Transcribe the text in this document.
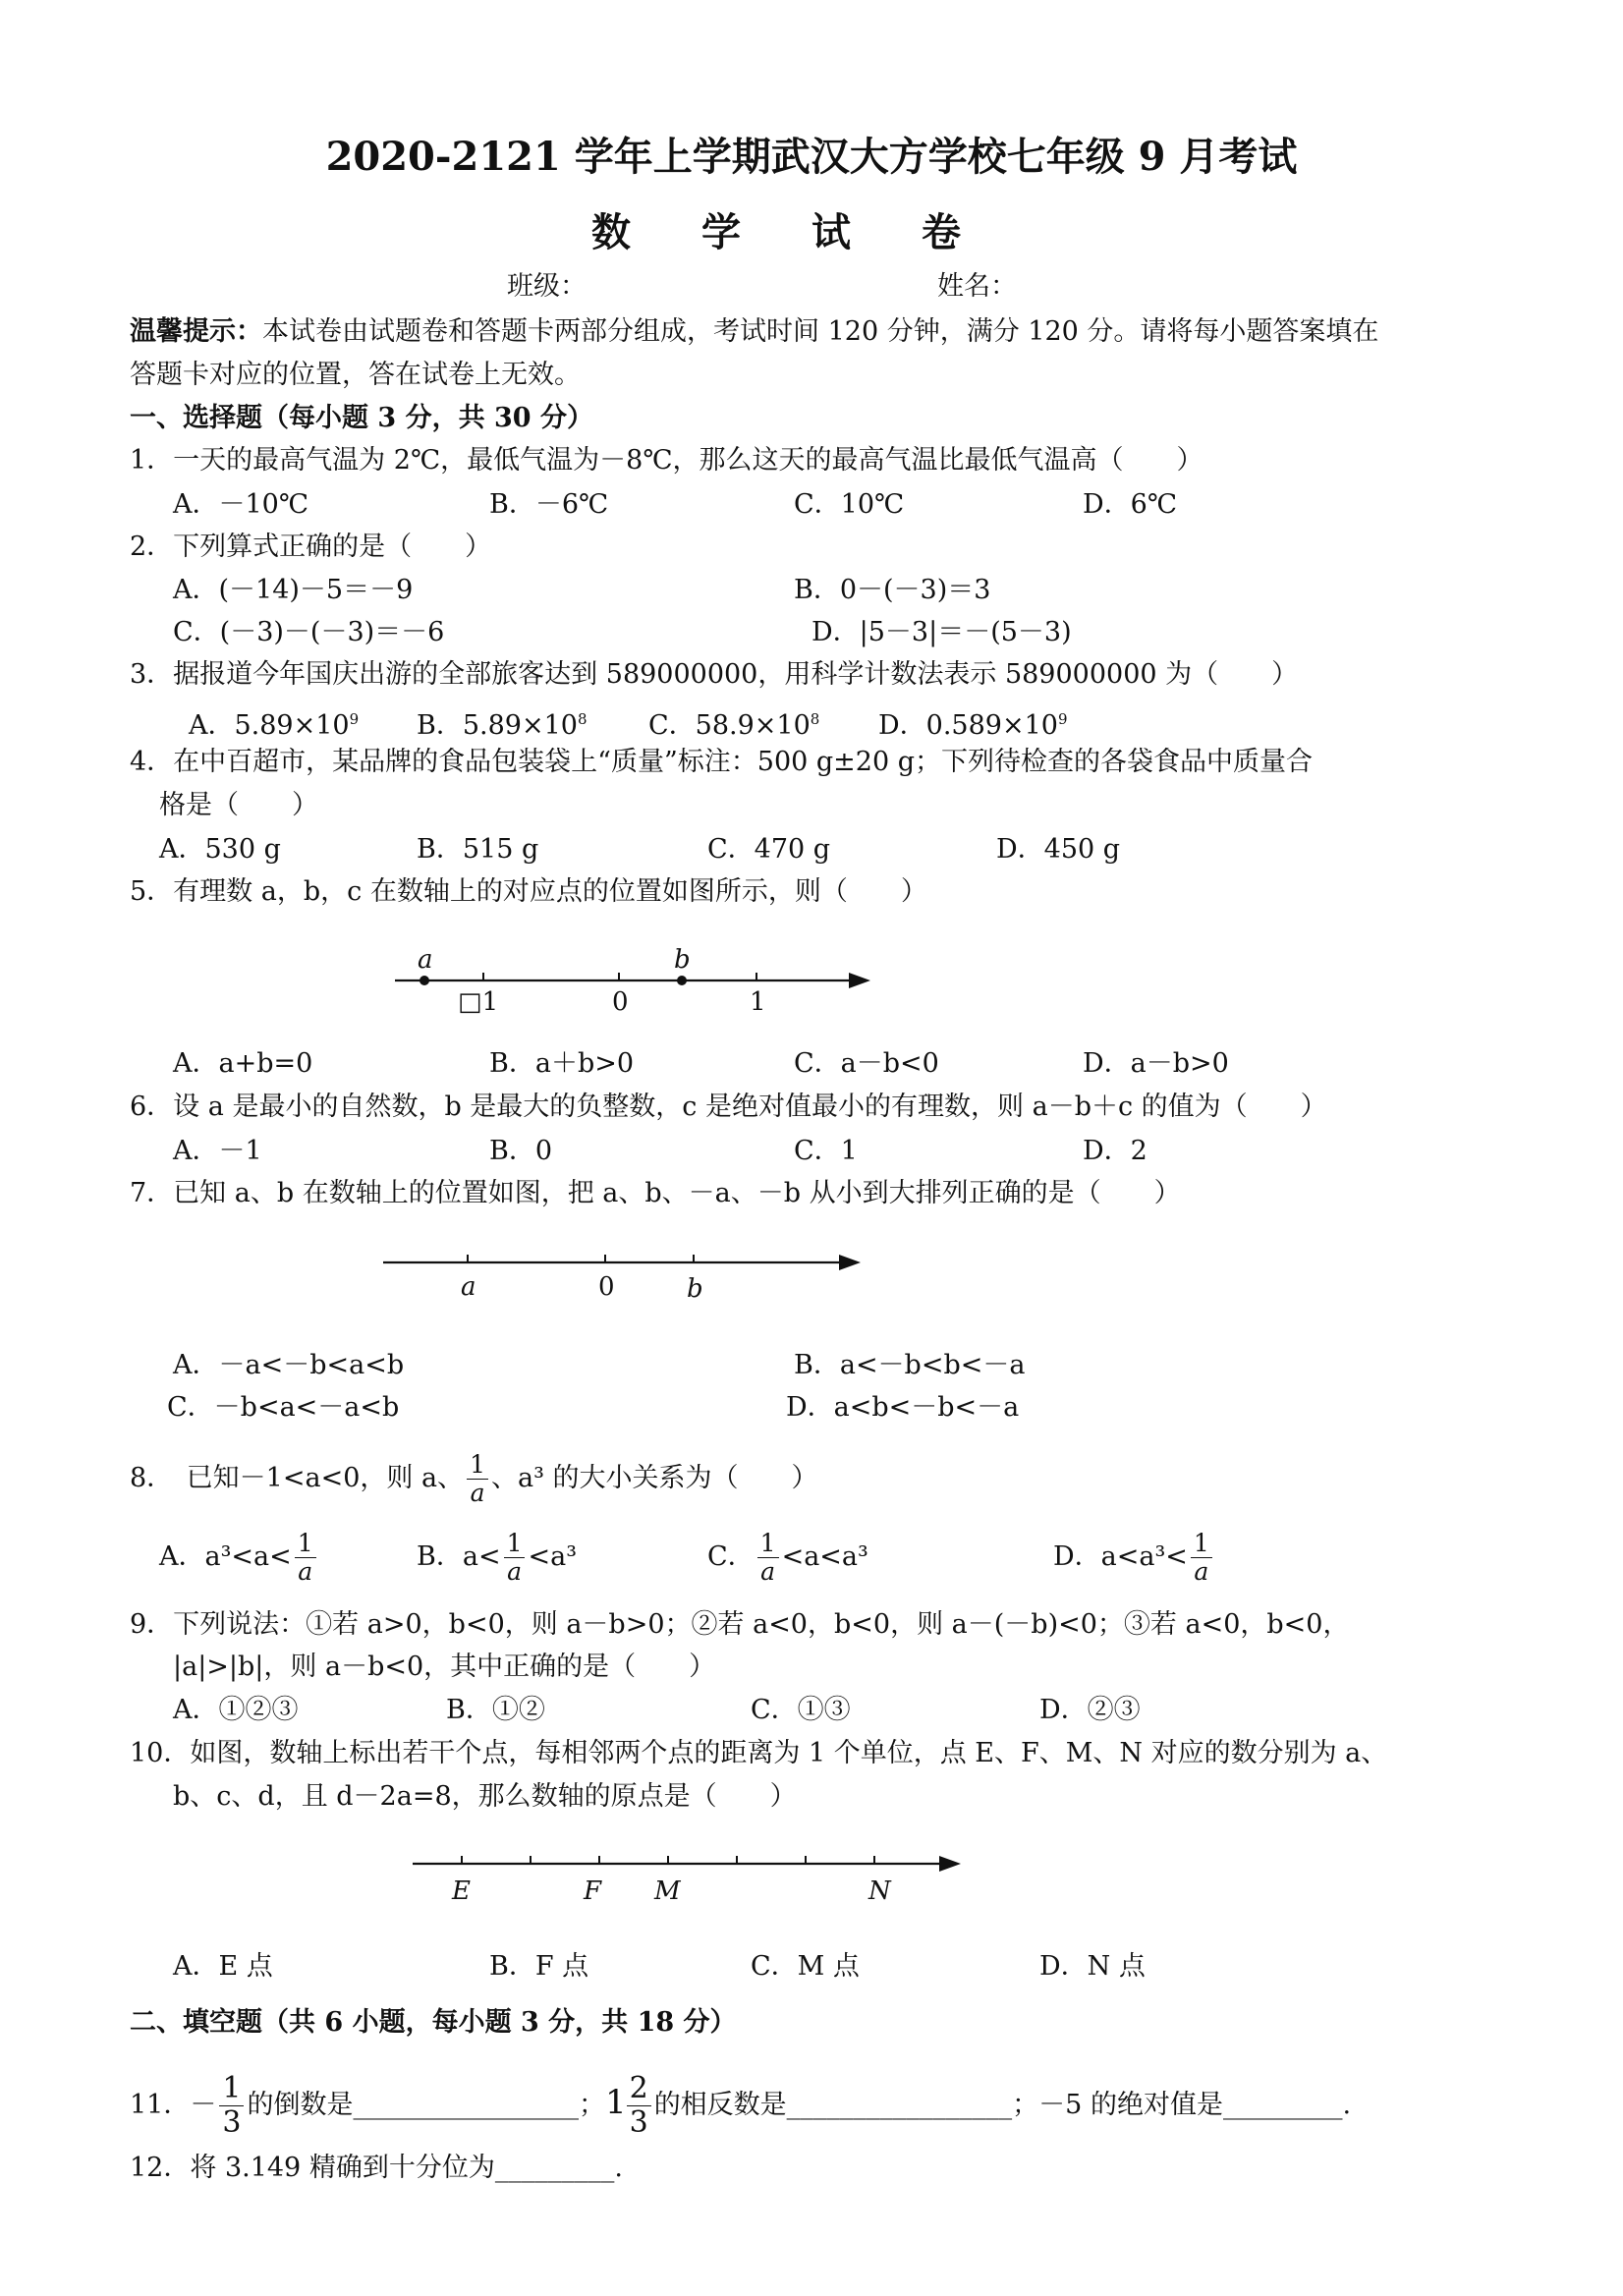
2020-2121 学年上学期武汉大方学校七年级 9 月考试
数学试卷
班级：	姓名：
温馨提示：本试卷由试题卷和答题卡两部分组成，考试时间 120 分钟，满分 120 分。请将每小题答案填在
答题卡对应的位置，答在试卷上无效。
一、选择题（每小题 3 分，共 30 分）
1．一天的最高气温为 2℃，最低气温为－8℃，那么这天的最高气温比最低气温高（　　）
A．－10℃	B．－6℃	C．10℃	D．6℃
2．下列算式正确的是（　　）
A．(－14)－5＝－9	B．0－(－3)＝3
C．(－3)－(－3)＝－6	D．|5－3|＝－(5－3)
3．据报道今年国庆出游的全部旅客达到 589000000，用科学计数法表示 589000000 为（　　）
A．$5.89\times 10^9$ B．$5.89\times 10^8$ C．$58.9\times 10^8$ D．$0.589\times 10^9$
4．在中百超市，某品牌的食品包装袋上“质量”标注：500 g±20 g；下列待检查的各袋食品中质量合
格是（　　）
A．530 g	B．515 g	C．470 g	D．450 g
5．有理数 a，b，c 在数轴上的对应点的位置如图所示，则（　　）
a	b
□1	0	1
A．a+b=0	B．a＋b>0	C．a－b<0	D．a－b>0
6．设 a 是最小的自然数，b 是最大的负整数，c 是绝对值最小的有理数，则 a－b＋c 的值为（　　）
A．－1	B．0	C．1	D．2
7．已知 a、b 在数轴上的位置如图，把 a、b、－a、－b 从小到大排列正确的是（　　）
a	0	b
A．－a<－b<a<b	B．a<－b<b<－a
C．－b<a<－a<b	D．a<b<－b<－a
8．　已知－1<a<0，则 a、 $\frac{1}{a}$ 、a³ 的大小关系为（　　）
A．$a^3<a< \frac{1}{a}$	B．$a< \frac{1}{a} <a^3$	C． $\frac{1}{a} <a<a^3$	D．$a<a^3< \frac{1}{a}$
9．下列说法：①若 a>0，b<0，则 a－b>0；②若 a<0，b<0，则 a－(－b)<0；③若 a<0，b<0，
|a|>|b|，则 a－b<0，其中正确的是（　　）
A．①②③	B．①②	C．①③	D．②③
10．如图，数轴上标出若干个点，每相邻两个点的距离为 1 个单位，点 E、F、M、N 对应的数分别为 a、
b、c、d，且 d－2a=8，那么数轴的原点是（　　）
E	F M	N
A．E 点	B．F 点	C．M 点	D．N 点
二、填空题（共 6 小题，每小题 3 分，共 18 分）
11．－ $\frac{1}{3}$ 的倒数是_________________；$1 \frac{2}{3}$ 的相反数是_________________；－5 的绝对值是_________.
12．将 3.149 精确到十分位为_________.
